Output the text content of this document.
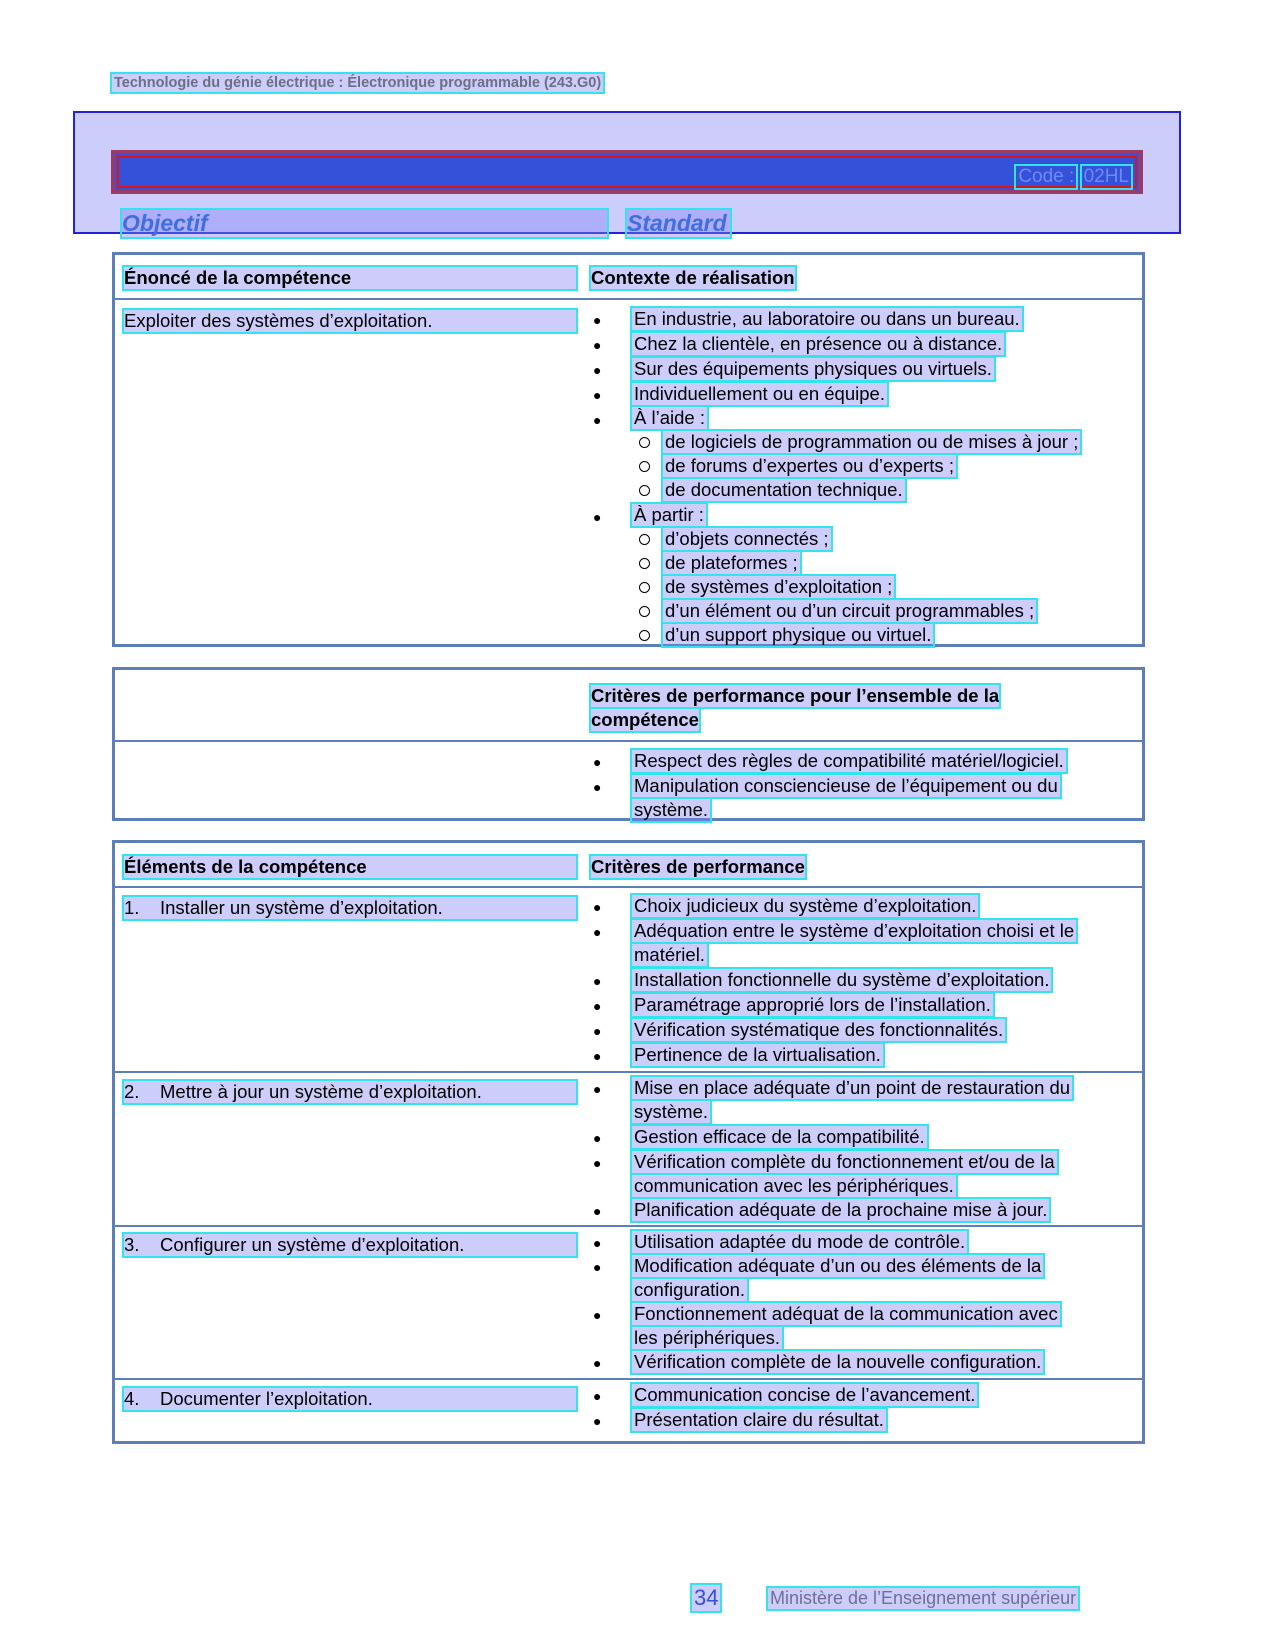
Technologie du génie électrique : Électronique programmable (243.G0)
Code : 02HL
Objectif	Standard
Énoncé de la compétence	Contexte de réalisation
Exploiter des systèmes d’exploitation.	● En industrie, au laboratoire ou dans un bureau.
● Chez la clientèle, en présence ou à distance.
● Sur des équipements physiques ou virtuels.
● Individuellement ou en équipe.
● À l’aide :
de logiciels de programmation ou de mises à jour ;
de forums d’expertes ou d’experts ;
de documentation technique.
● À partir :
d’objets connectés ;
de plateformes ;
de systèmes d’exploitation ;
d’un élément ou d’un circuit programmables ;
d’un support physique ou virtuel.
Critères de performance pour l’ensemble de la
compétence
● Respect des règles de compatibilité matériel/logiciel.
● Manipulation consciencieuse de l’équipement ou du
système.
Éléments de la compétence	Critères de performance
1. Installer un système d’exploitation.	● Choix judicieux du système d’exploitation.
● Adéquation entre le système d’exploitation choisi et le
matériel.
● Installation fonctionnelle du système d’exploitation.
● Paramétrage approprié lors de l’installation.
● Vérification systématique des fonctionnalités.
● Pertinence de la virtualisation.
2. Mettre à jour un système d’exploitation.	● Mise en place adéquate d’un point de restauration du
système.
● Gestion efficace de la compatibilité.
● Vérification complète du fonctionnement et/ou de la
communication avec les périphériques.
● Planification adéquate de la prochaine mise à jour.
3. Configurer un système d’exploitation.	● Utilisation adaptée du mode de contrôle.
● Modification adéquate d’un ou des éléments de la
configuration.
● Fonctionnement adéquat de la communication avec
les périphériques.
● Vérification complète de la nouvelle configuration.
4. Documenter l’exploitation.	● Communication concise de l’avancement.
● Présentation claire du résultat.
34	Ministère de l’Enseignement supérieur
